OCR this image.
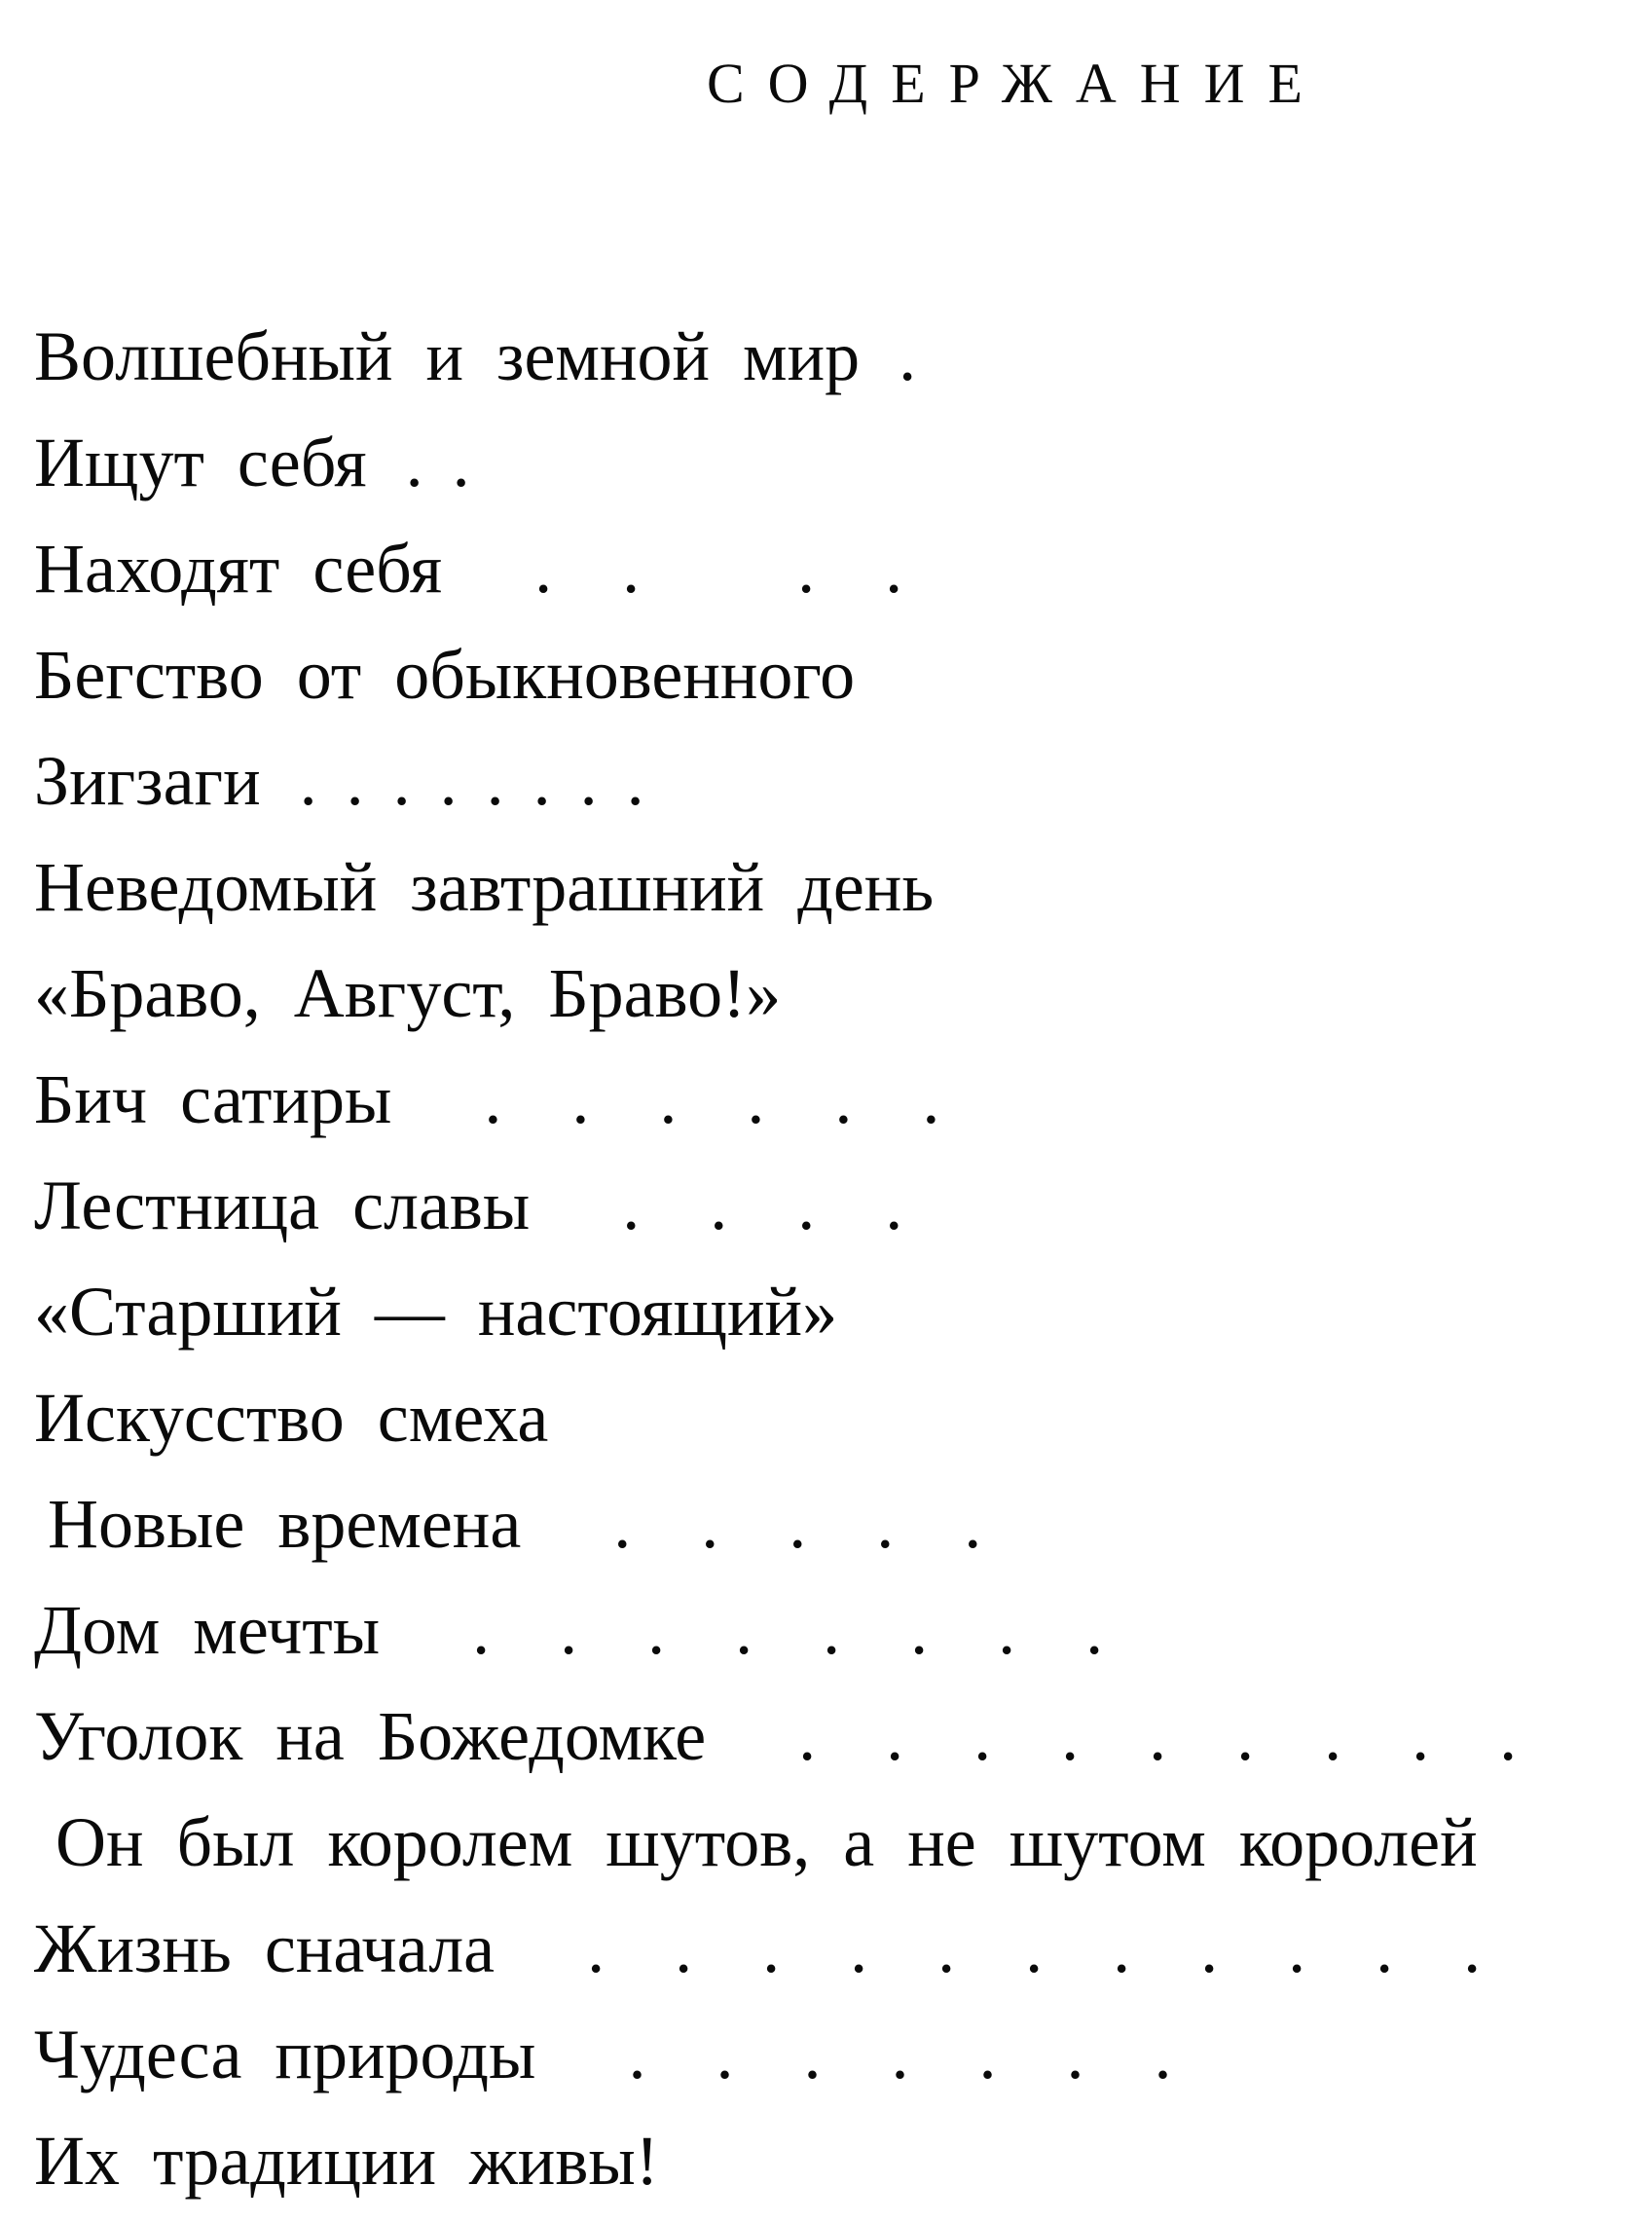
СОДЕРЖАНИЕ
Волшебный и земной мир .
Ищут себя . .
Находят себя . .   . .
Бегство от обыкновенного
Зигзаги . . . . . . . .
Неведомый завтрашний день
«Браво, Август, Браво!»
Бич сатиры . . . . . .
Лестница славы . . . .
«Старший — настоящий»
Искусство смеха
Новые времена . . . . .
Дом мечты . . . . . . . .
Уголок на Божедомке . . . . . . . . .
Он был королем шутов, а не шутом королей
Жизнь сначала . . . . . . . . . . .
Чудеса природы . . . . . . .
Их традиции живы!
